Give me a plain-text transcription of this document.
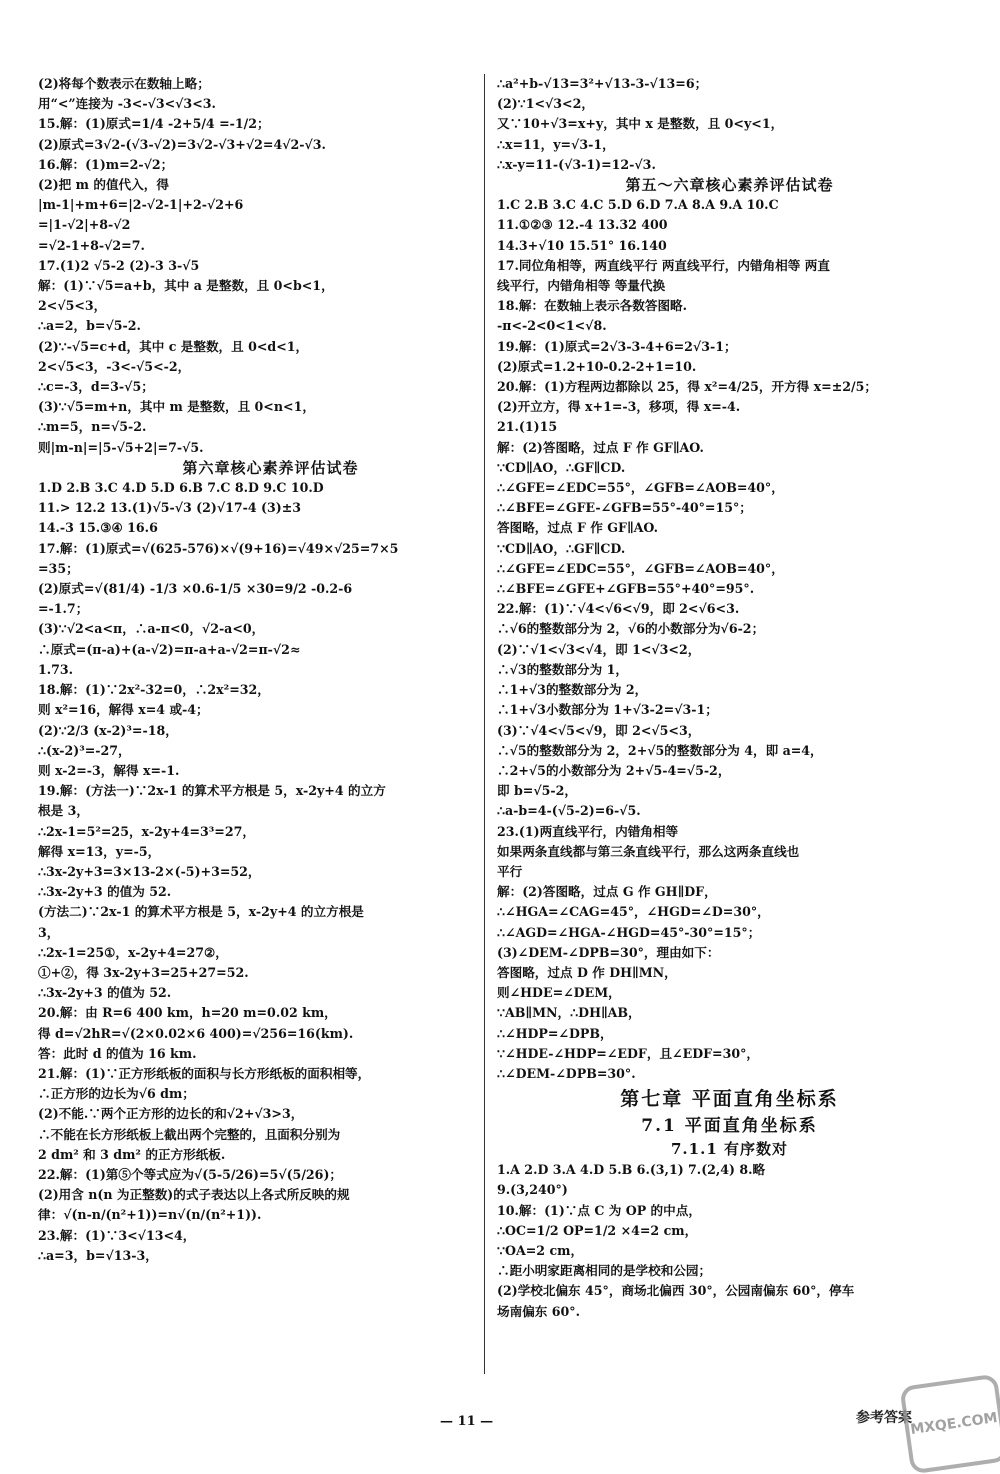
(2)将每个数表示在数轴上略；
用“<”连接为 -3<-√3<√3<3.
15.解：(1)原式=1/4 -2+5/4 =-1/2；
(2)原式=3√2-(√3-√2)=3√2-√3+√2=4√2-√3.
16.解：(1)m=2-√2；
(2)把 m 的值代入，得
|m-1|+m+6=|2-√2-1|+2-√2+6
=|1-√2|+8-√2
=√2-1+8-√2=7.
17.(1)2 √5-2 (2)-3 3-√5
解：(1)∵√5=a+b，其中 a 是整数，且 0<b<1，
2<√5<3，
∴a=2，b=√5-2.
(2)∵-√5=c+d，其中 c 是整数，且 0<d<1，
2<√5<3，-3<-√5<-2，
∴c=-3，d=3-√5；
(3)∵√5=m+n，其中 m 是整数，且 0<n<1，
∴m=5，n=√5-2.
则|m-n|=|5-√5+2|=7-√5.
第六章核心素养评估试卷
1.D 2.B 3.C 4.D 5.D 6.B 7.C 8.D 9.C 10.D
11.> 12.2 13.(1)√5-√3 (2)√17-4 (3)±3
14.-3 15.③④ 16.6
17.解：(1)原式=√(625-576)×√(9+16)=√49×√25=7×5
=35；
(2)原式=√(81/4) -1/3 ×0.6-1/5 ×30=9/2 -0.2-6
=-1.7；
(3)∵√2<a<π，∴a-π<0，√2-a<0，
∴原式=(π-a)+(a-√2)=π-a+a-√2=π-√2≈
1.73.
18.解：(1)∵2x²-32=0，∴2x²=32，
则 x²=16，解得 x=4 或-4；
(2)∵2/3 (x-2)³=-18，
∴(x-2)³=-27，
则 x-2=-3，解得 x=-1.
19.解：(方法一)∵2x-1 的算术平方根是 5，x-2y+4 的立方
根是 3，
∴2x-1=5²=25，x-2y+4=3³=27，
解得 x=13，y=-5，
∴3x-2y+3=3×13-2×(-5)+3=52，
∴3x-2y+3 的值为 52.
(方法二)∵2x-1 的算术平方根是 5，x-2y+4 的立方根是
3，
∴2x-1=25①，x-2y+4=27②，
①+②，得 3x-2y+3=25+27=52.
∴3x-2y+3 的值为 52.
20.解：由 R=6 400 km，h=20 m=0.02 km，
得 d=√2hR=√(2×0.02×6 400)=√256=16(km).
答：此时 d 的值为 16 km.
21.解：(1)∵正方形纸板的面积与长方形纸板的面积相等，
∴正方形的边长为√6 dm；
(2)不能.∵两个正方形的边长的和√2+√3>3，
∴不能在长方形纸板上截出两个完整的，且面积分别为
2 dm² 和 3 dm² 的正方形纸板.
22.解：(1)第⑤个等式应为√(5-5/26)=5√(5/26)；
(2)用含 n(n 为正整数)的式子表达以上各式所反映的规
律：√(n-n/(n²+1))=n√(n/(n²+1)).
23.解：(1)∵3<√13<4，
∴a=3，b=√13-3，
∴a²+b-√13=3²+√13-3-√13=6；
(2)∵1<√3<2，
又∵10+√3=x+y，其中 x 是整数，且 0<y<1，
∴x=11，y=√3-1，
∴x-y=11-(√3-1)=12-√3.
第五～六章核心素养评估试卷
1.C 2.B 3.C 4.C 5.D 6.D 7.A 8.A 9.A 10.C
11.①②③ 12.-4 13.32 400
14.3+√10 15.51° 16.140
17.同位角相等，两直线平行 两直线平行，内错角相等 两直
线平行，内错角相等 等量代换
18.解：在数轴上表示各数答图略.
-π<-2<0<1<√8.
19.解：(1)原式=2√3-3-4+6=2√3-1；
(2)原式=1.2+10-0.2-2+1=10.
20.解：(1)方程两边都除以 25，得 x²=4/25，开方得 x=±2/5；
(2)开立方，得 x+1=-3，移项，得 x=-4.
21.(1)15
解：(2)答图略，过点 F 作 GF∥AO.
∵CD∥AO，∴GF∥CD.
∴∠GFE=∠EDC=55°，∠GFB=∠AOB=40°，
∴∠BFE=∠GFE-∠GFB=55°-40°=15°；
答图略，过点 F 作 GF∥AO.
∵CD∥AO，∴GF∥CD.
∴∠GFE=∠EDC=55°，∠GFB=∠AOB=40°，
∴∠BFE=∠GFE+∠GFB=55°+40°=95°.
22.解：(1)∵√4<√6<√9，即 2<√6<3.
∴√6的整数部分为 2，√6的小数部分为√6-2；
(2)∵√1<√3<√4，即 1<√3<2，
∴√3的整数部分为 1，
∴1+√3的整数部分为 2，
∴1+√3小数部分为 1+√3-2=√3-1；
(3)∵√4<√5<√9，即 2<√5<3，
∴√5的整数部分为 2，2+√5的整数部分为 4，即 a=4，
∴2+√5的小数部分为 2+√5-4=√5-2，
即 b=√5-2，
∴a-b=4-(√5-2)=6-√5.
23.(1)两直线平行，内错角相等
如果两条直线都与第三条直线平行，那么这两条直线也
平行
解：(2)答图略，过点 G 作 GH∥DF，
∴∠HGA=∠CAG=45°，∠HGD=∠D=30°，
∴∠AGD=∠HGA-∠HGD=45°-30°=15°；
(3)∠DEM-∠DPB=30°，理由如下：
答图略，过点 D 作 DH∥MN，
则∠HDE=∠DEM，
∵AB∥MN，∴DH∥AB，
∴∠HDP=∠DPB，
∵∠HDE-∠HDP=∠EDF，且∠EDF=30°，
∴∠DEM-∠DPB=30°.
第七章 平面直角坐标系
7.1 平面直角坐标系
7.1.1 有序数对
1.A 2.D 3.A 4.D 5.B 6.(3,1) 7.(2,4) 8.略
9.(3,240°)
10.解：(1)∵点 C 为 OP 的中点，
∴OC=1/2 OP=1/2 ×4=2 cm，
∵OA=2 cm，
∴距小明家距离相同的是学校和公园；
(2)学校北偏东 45°，商场北偏西 30°，公园南偏东 60°，停车
场南偏东 60°.
— 11 —	参考答案
MXQE.COM
